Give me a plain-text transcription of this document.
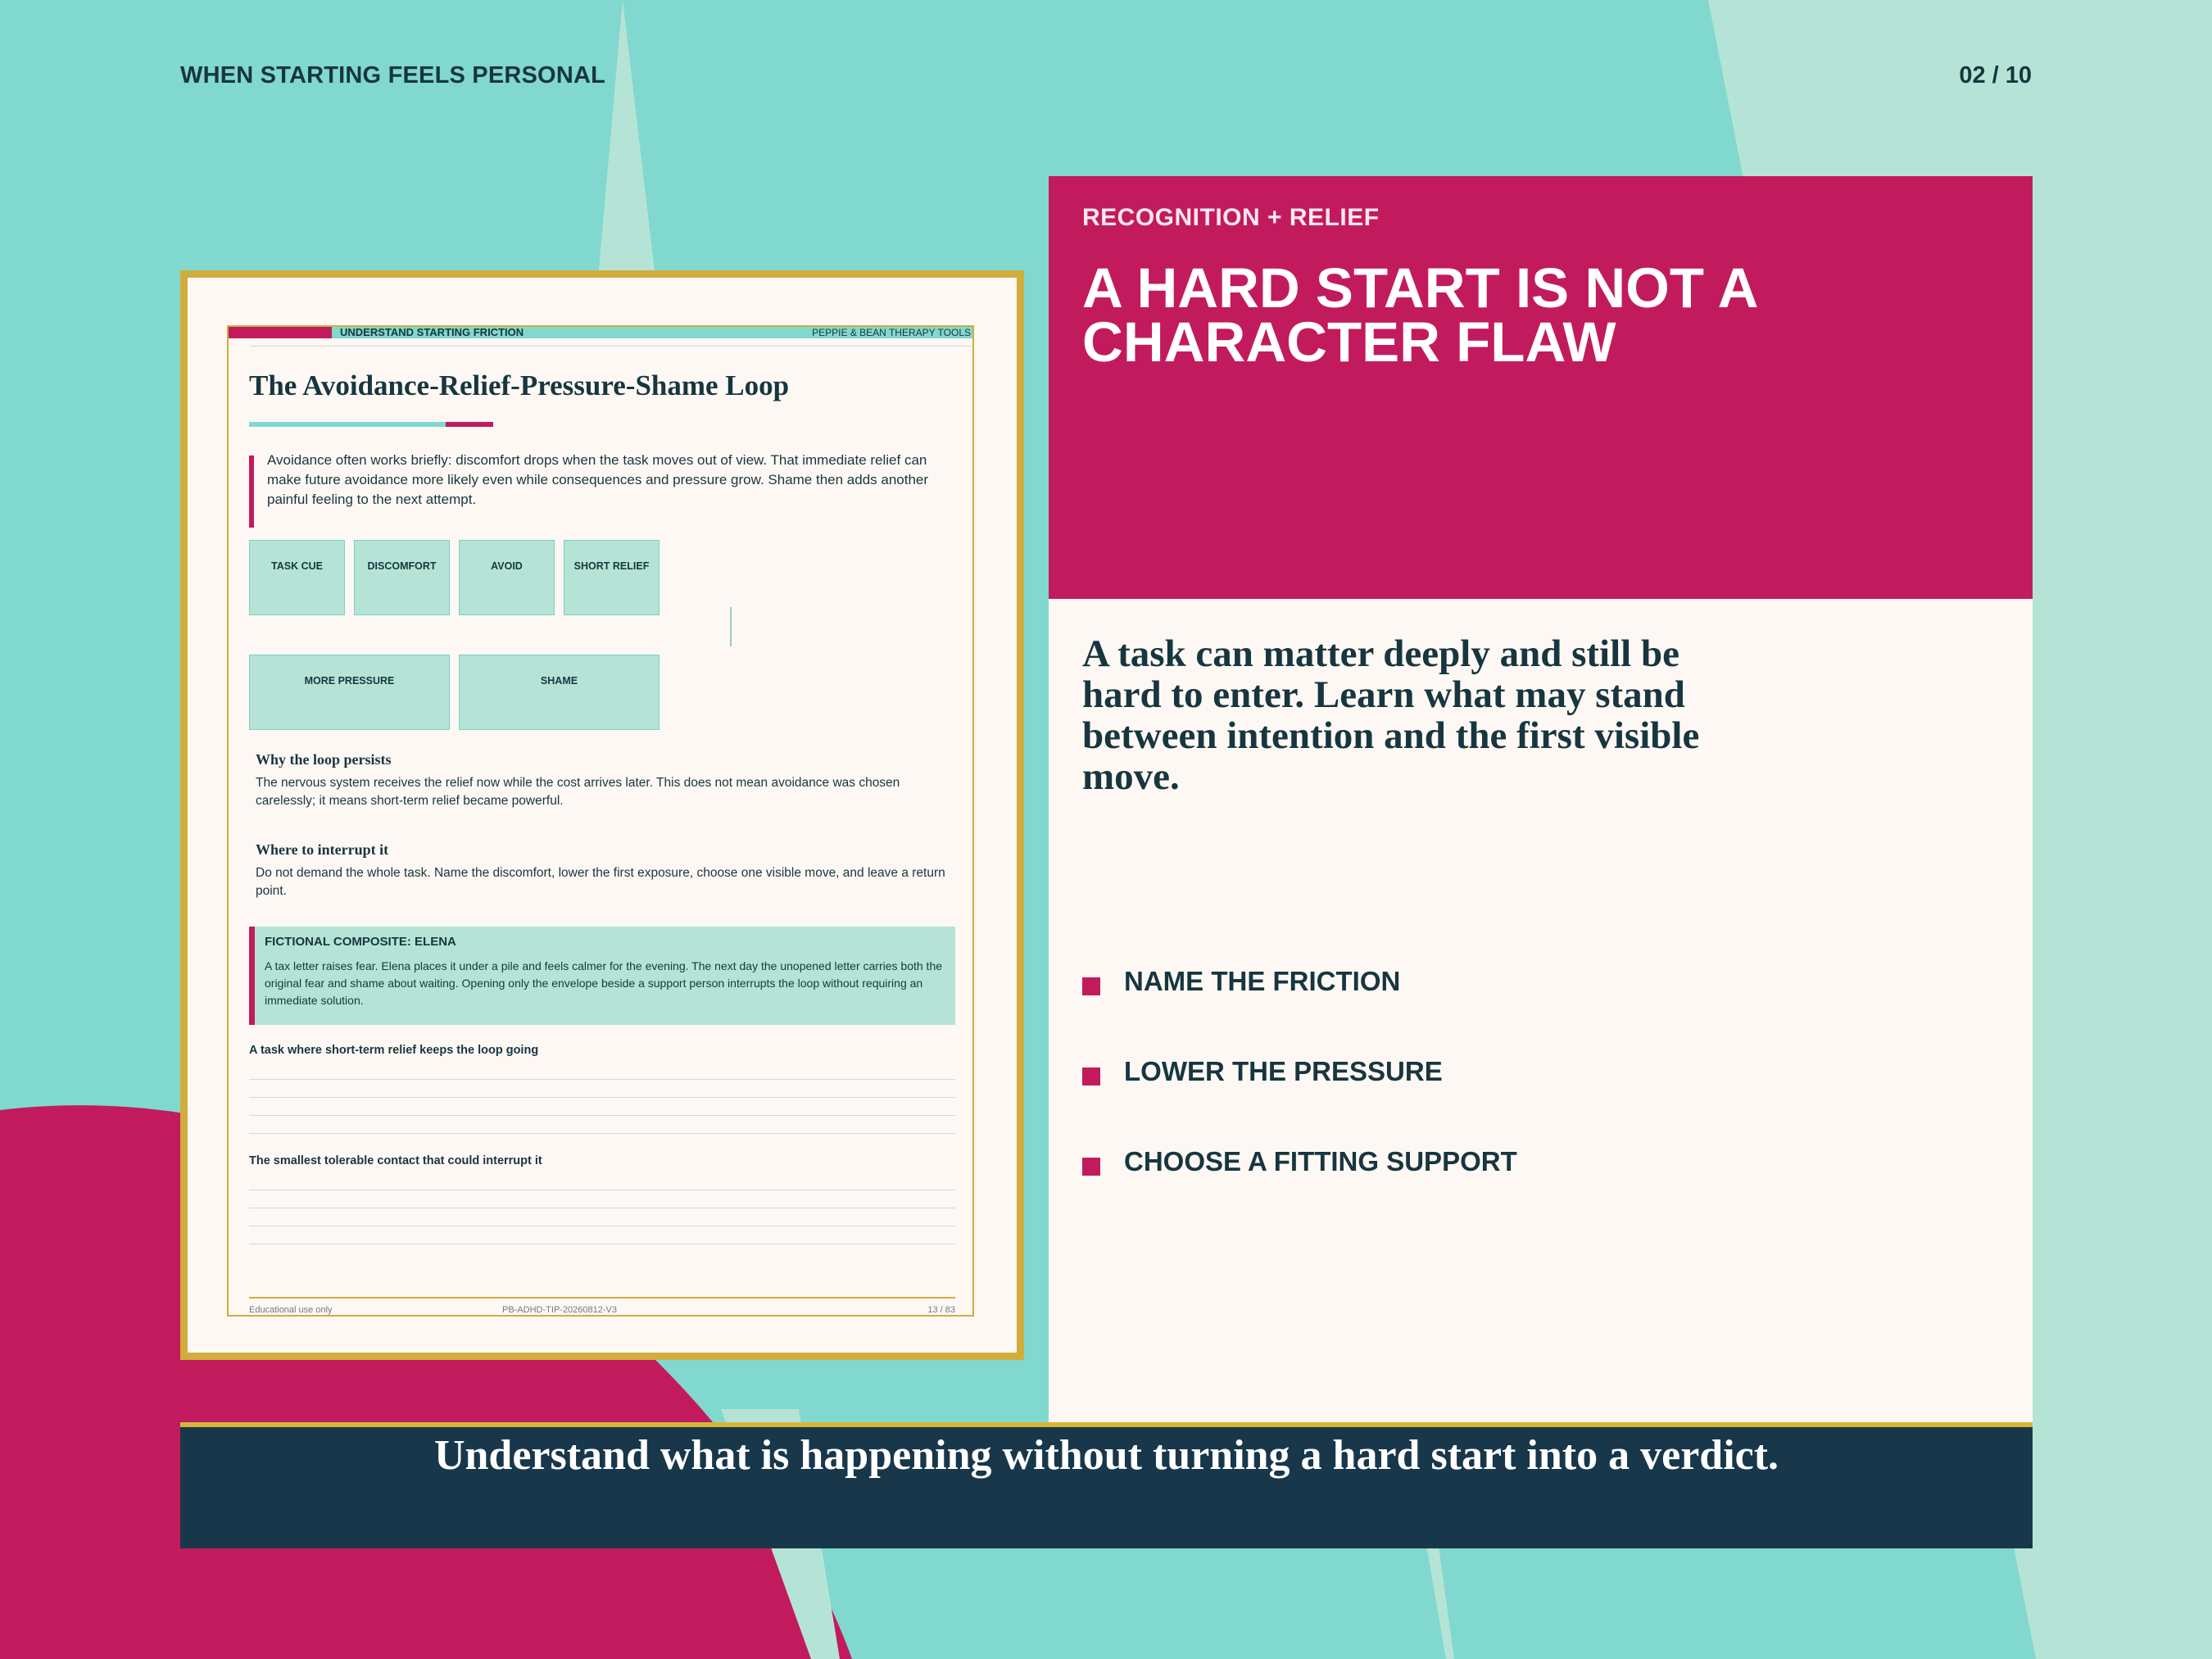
WHEN STARTING FEELS PERSONAL	02 / 10
UNDERSTAND STARTING FRICTION	PEPPIE & BEAN THERAPY TOOLS
The Avoidance-Relief-Pressure-Shame Loop
Avoidance often works briefly: discomfort drops when the task moves out of view. That immediate relief can make future avoidance more likely even while consequences and pressure grow. Shame then adds another painful feeling to the next attempt.
TASK CUE	DISCOMFORT	AVOID	SHORT RELIEF
MORE PRESSURE	SHAME
Why the loop persists
The nervous system receives the relief now while the cost arrives later. This does not mean avoidance was chosen carelessly; it means short-term relief became powerful.
Where to interrupt it
Do not demand the whole task. Name the discomfort, lower the first exposure, choose one visible move, and leave a return point.
FICTIONAL COMPOSITE: ELENA
A tax letter raises fear. Elena places it under a pile and feels calmer for the evening. The next day the unopened letter carries both the original fear and shame about waiting. Opening only the envelope beside a support person interrupts the loop without requiring an immediate solution.
A task where short-term relief keeps the loop going
The smallest tolerable contact that could interrupt it
Educational use only	PB-ADHD-TIP-20260812-V3	13 / 83
RECOGNITION + RELIEF
A HARD START IS NOT A CHARACTER FLAW
A task can matter deeply and still be hard to enter. Learn what may stand between intention and the first visible move.
NAME THE FRICTION
LOWER THE PRESSURE
CHOOSE A FITTING SUPPORT
Understand what is happening without turning a hard start into a verdict.
